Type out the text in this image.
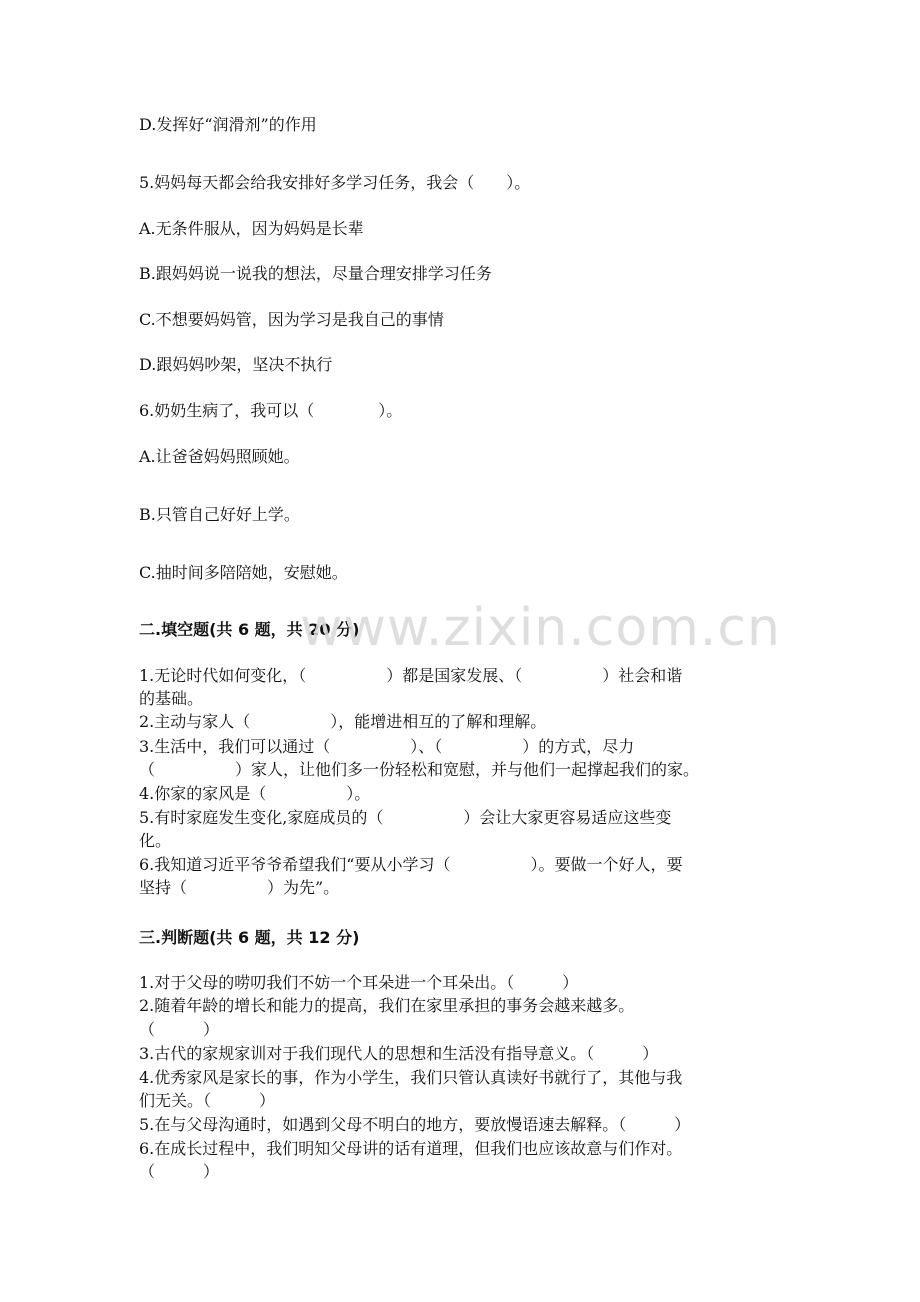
D.发挥好“润滑剂”的作用
5.妈妈每天都会给我安排好多学习任务，我会（　　）。
A.无条件服从，因为妈妈是长辈
B.跟妈妈说一说我的想法，尽量合理安排学习任务
C.不想要妈妈管，因为学习是我自己的事情
D.跟妈妈吵架，坚决不执行
6.奶奶生病了，我可以（　　　　）。
A.让爸爸妈妈照顾她。
B.只管自己好好上学。
C.抽时间多陪陪她，安慰她。
二.填空题(共 6 题，共 20 分)
1.无论时代如何变化，（　　　　　）都是国家发展、（　　　　　）社会和谐
的基础。
2.主动与家人（　　　　　），能增进相互的了解和理解。
3.生活中，我们可以通过（　　　　　）、（　　　　　）的方式，尽力
（　　　　　）家人，让他们多一份轻松和宽慰，并与他们一起撑起我们的家。
4.你家的家风是（　　　　　）。
5.有时家庭发生变化,家庭成员的（　　　　　）会让大家更容易适应这些变
化。
6.我知道习近平爷爷希望我们“要从小学习（　　　　　）。要做一个好人，要
坚持（　　　　　）为先”。
三.判断题(共 6 题，共 12 分)
1.对于父母的唠叨我们不妨一个耳朵进一个耳朵出。（　　　）
2.随着年龄的增长和能力的提高，我们在家里承担的事务会越来越多。
（　　　）
3.古代的家规家训对于我们现代人的思想和生活没有指导意义。（　　　）
4.优秀家风是家长的事，作为小学生，我们只管认真读好书就行了，其他与我
们无关。（　　　）
5.在与父母沟通时，如遇到父母不明白的地方，要放慢语速去解释。（　　　）
6.在成长过程中，我们明知父母讲的话有道理，但我们也应该故意与们作对。
（　　　）
www.zixin.com.cn
